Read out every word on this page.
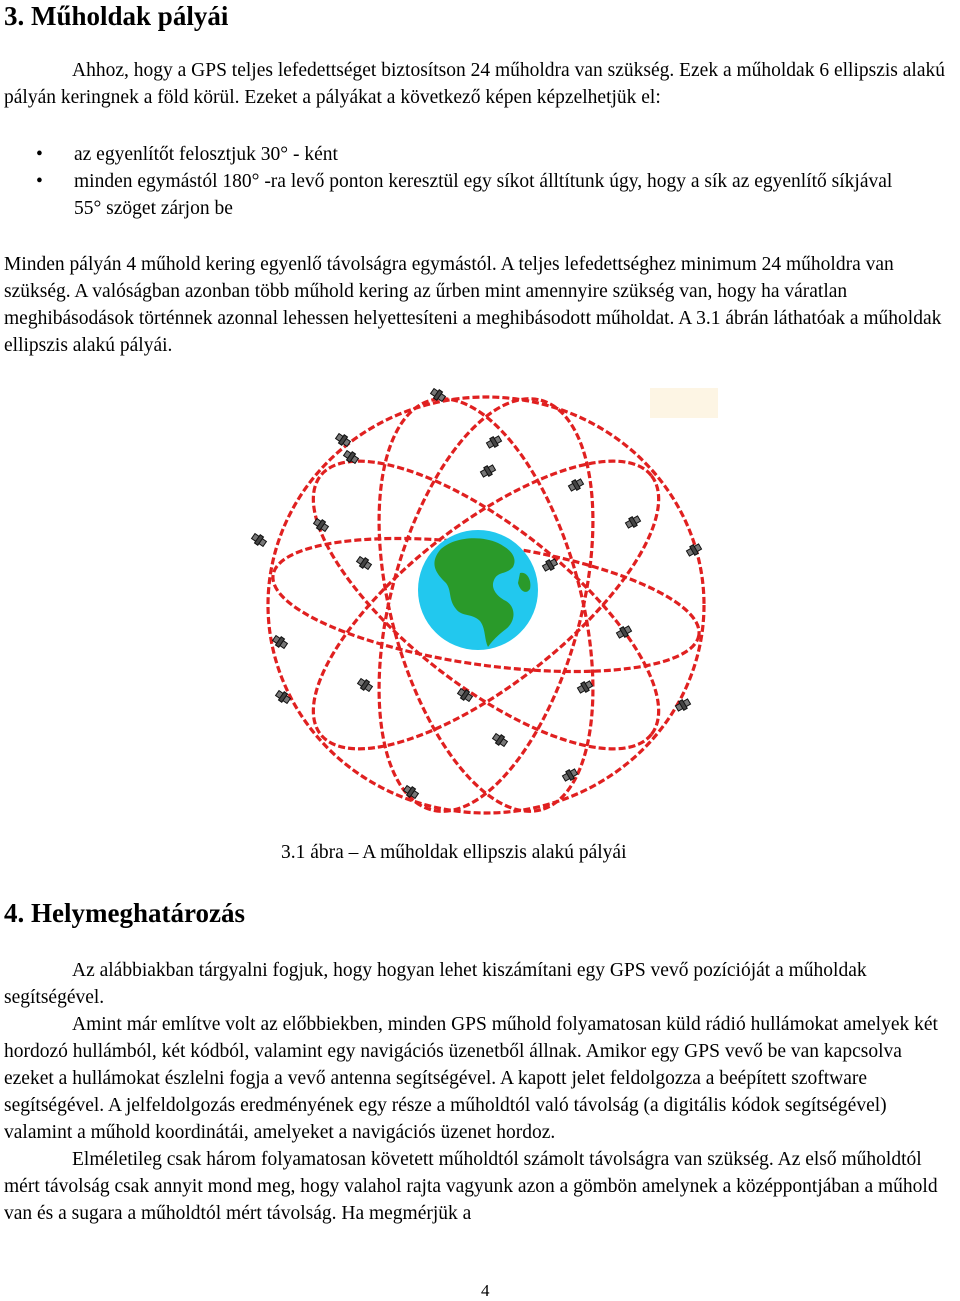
3. Műholdak pályái

Ahhoz, hogy a GPS teljes lefedettséget biztosítson 24 műholdra van szükség. Ezek a műholdak 6 ellipszis alakú pályán keringnek a föld körül. Ezeket a pályákat a következő képen képzelhetjük el:

• az egyenlítőt felosztjuk 30° - ként
• minden egymástól 180° -ra levő ponton keresztül egy síkot álltítunk úgy, hogy a sík az egyenlítő síkjával 55° szöget zárjon be

Minden pályán 4 műhold kering egyenlő távolságra egymástól. A teljes lefedettséghez minimum 24 műholdra van szükség. A valóságban azonban több műhold kering az űrben mint amennyire szükség van, hogy ha váratlan meghibásodások történnek azonnal lehessen helyettesíteni a meghibásodott műholdat. A 3.1 ábrán láthatóak a műholdak ellipszis alakú pályái.

3.1 ábra – A műholdak ellipszis alakú pályái
4. Helymeghatározás

Az alábbiakban tárgyalni fogjuk, hogy hogyan lehet kiszámítani egy GPS vevő pozícióját a műholdak segítségével.

Amint már említve volt az előbbiekben, minden GPS műhold folyamatosan küld rádió hullámokat amelyek két hordozó hullámból, két kódból, valamint egy navigációs üzenetből állnak. Amikor egy GPS vevő be van kapcsolva ezeket a hullámokat észlelni fogja a vevő antenna segítségével. A kapott jelet feldolgozza a beépített szoftware segítségével. A jelfeldolgozás eredményének egy része a műholdtól való távolság (a digitális kódok segítségével) valamint a műhold koordinátái, amelyeket a navigációs üzenet hordoz.

Elméletileg csak három folyamatosan követett műholdtól számolt távolságra van szükség. Az első műholdtól mért távolság csak annyit mond meg, hogy valahol rajta vagyunk azon a gömbön amelynek a középpontjában a műhold van és a sugara a műholdtól mért távolság. Ha megmérjük a

4
